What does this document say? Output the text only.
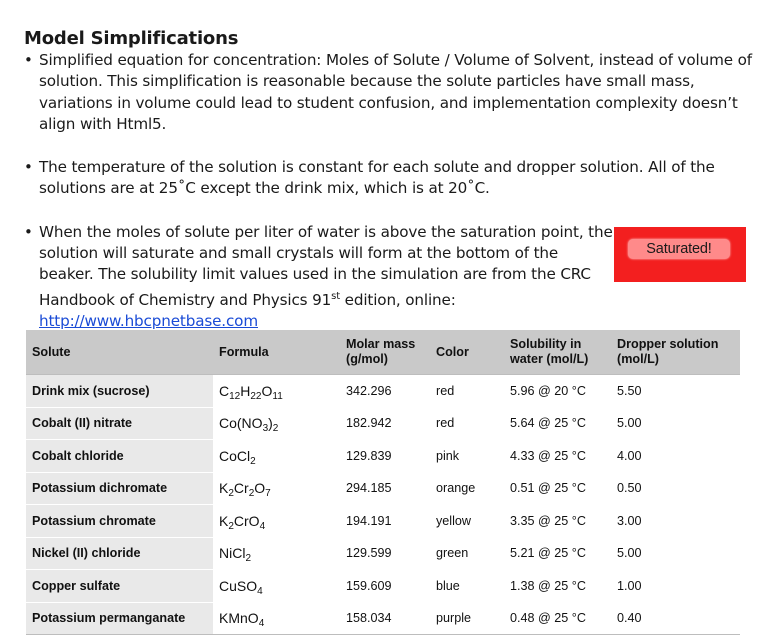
Model Simplifications
• Simplified equation for concentration: Moles of Solute / Volume of Solvent, instead of volume of solution. This simplification is reasonable because the solute particles have small mass, variations in volume could lead to student confusion, and implementation complexity doesn’t align with Html5.
• The temperature of the solution is constant for each solute and dropper solution. All of the solutions are at 25˚C except the drink mix, which is at 20˚C.
• When the moles of solute per liter of water is above the saturation point, the solution will saturate and small crystals will form at the bottom of the beaker. The solubility limit values used in the simulation are from the CRC Handbook of Chemistry and Physics 91st edition, online: http://www.hbcpnetbase.com
Saturated!
Solute	Formula	Molar mass (g/mol)	Color	Solubility in water (mol/L)	Dropper solution (mol/L)
Drink mix (sucrose)	$C_{12}H_{22}O_{11}$	342.296	red	5.96 @ 20 °C	5.50
Cobalt (II) nitrate	$Co(NO_3)_2$	182.942	red	5.64 @ 25 °C	5.00
Cobalt chloride	CoCl$_2$	129.839	pink	4.33 @ 25 °C	4.00
Potassium dichromate	$K_2Cr_2O_7$	294.185	orange	0.51 @ 25 °C	0.50
Potassium chromate	$K_2CrO_4$	194.191	yellow	3.35 @ 25 °C	3.00
Nickel (II) chloride	NiCl$_2$	129.599	green	5.21 @ 25 °C	5.00
Copper sulfate	CuSO$_4$	159.609	blue	1.38 @ 25 °C	1.00
Potassium permanganate	KMnO$_4$	158.034	purple	0.48 @ 25 °C	0.40
